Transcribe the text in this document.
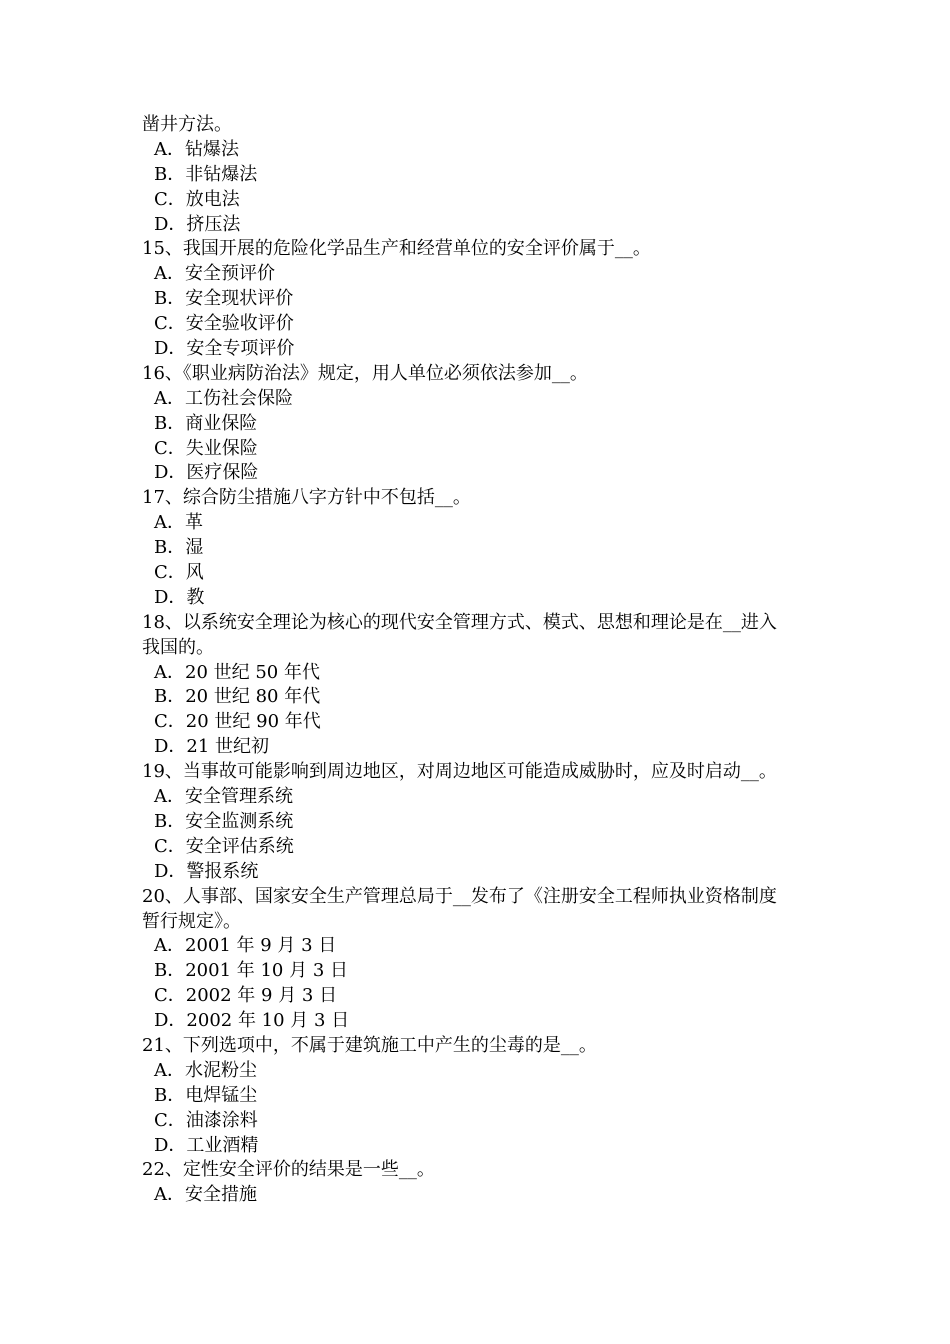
凿井方法。

A．钻爆法

B．非钻爆法

C．放电法

D．挤压法

15、我国开展的危险化学品生产和经营单位的安全评价属于__。

A．安全预评价

B．安全现状评价

C．安全验收评价

D．安全专项评价

16、《职业病防治法》规定，用人单位必须依法参加__。

A．工伤社会保险

B．商业保险

C．失业保险

D．医疗保险

17、综合防尘措施八字方针中不包括__。

A．革

B．湿

C．风

D．教

18、以系统安全理论为核心的现代安全管理方式、模式、思想和理论是在__进入

我国的。

A．20 世纪 50 年代

B．20 世纪 80 年代

C．20 世纪 90 年代

D．21 世纪初

19、当事故可能影响到周边地区，对周边地区可能造成威胁时，应及时启动__。

A．安全管理系统

B．安全监测系统

C．安全评估系统

D．警报系统

20、人事部、国家安全生产管理总局于__发布了《注册安全工程师执业资格制度

暂行规定》。

A．2001 年 9 月 3 日

B．2001 年 10 月 3 日

C．2002 年 9 月 3 日

D．2002 年 10 月 3 日

21、下列选项中，不属于建筑施工中产生的尘毒的是__。

A．水泥粉尘

B．电焊锰尘

C．油漆涂料

D．工业酒精

22、定性安全评价的结果是一些__。

A．安全措施
